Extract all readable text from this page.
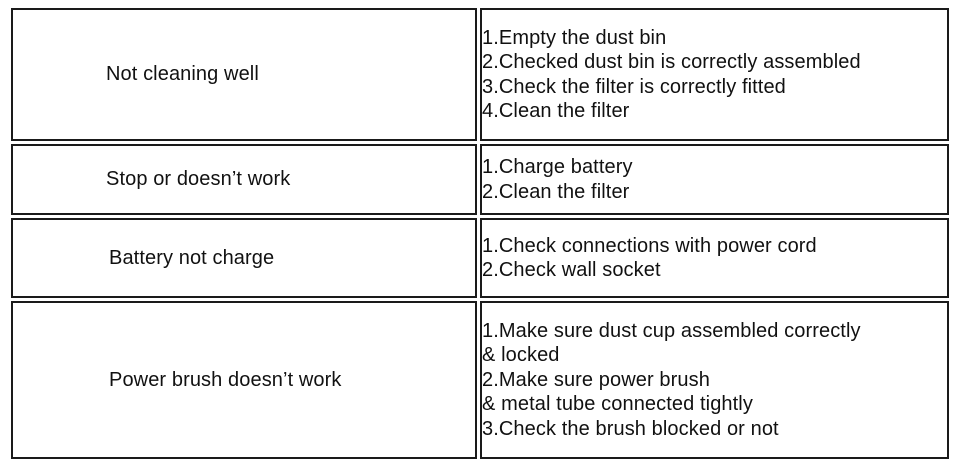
Not cleaning well	1.Empty the dust bin
2.Checked dust bin is correctly assembled
3.Check the filter is correctly fitted
4.Clean the filter

Stop or doesn’t work	1.Charge battery
2.Clean the filter

Battery not charge	1.Check connections with power cord
2.Check wall socket

Power brush doesn’t work	1.Make sure dust cup assembled correctly
& locked
2.Make sure power brush
& metal tube connected tightly
3.Check the brush blocked or not
